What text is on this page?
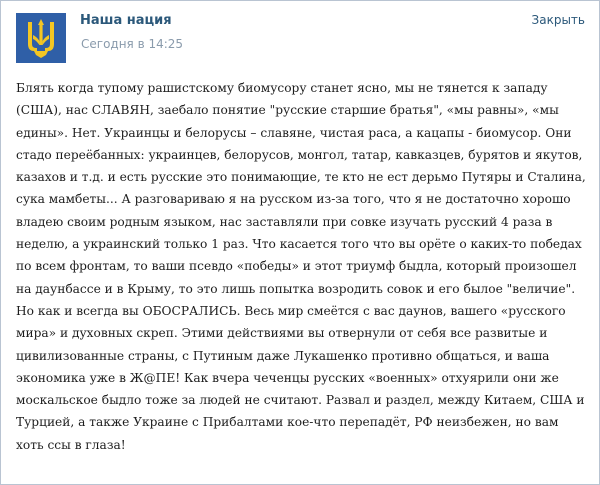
Наша нация
Сегодня в 14:25
Закрыть

Блять когда тупому рашистскому биомусору станет ясно, мы не тянется к западу (США), нас СЛАВЯН, заебало понятие "русские старшие братья", «мы равны», «мы едины». Нет. Украинцы и белорусы – славяне, чистая раса, а кацапы - биомусор. Они стадо переёбанных: украинцев, белорусов, монгол, татар, кавказцев, бурятов и якутов, казахов и т.д. и есть русские это понимающие, те кто не ест дерьмо Путяры и Сталина, сука мамбеты... А разговариваю я на русском из-за того, что я не достаточно хорошо владею своим родным языком, нас заставляли при совке изучать русский 4 раза в неделю, а украинский только 1 раз. Что касается того что вы орёте о каких-то победах по всем фронтам, то ваши псевдо «победы» и этот триумф быдла, который произошел на даунбассе и в Крыму, то это лишь попытка возродить совок и его былое "величие". Но как и всегда вы ОБОСРАЛИСЬ. Весь мир смеётся с вас даунов, вашего «русского мира» и духовных скреп. Этими действиями вы отвернули от себя все развитые и цивилизованные страны, с Путиным даже Лукашенко противно общаться, и ваша экономика уже в Ж@ПЕ! Как вчера чеченцы русских «военных» отхуярили они же москальское быдло тоже за людей не считают. Развал и раздел, между Китаем, США и Турцией, а также Украине с Прибалтами кое-что перепадёт, РФ неизбежен, но вам хоть ссы в глаза!
